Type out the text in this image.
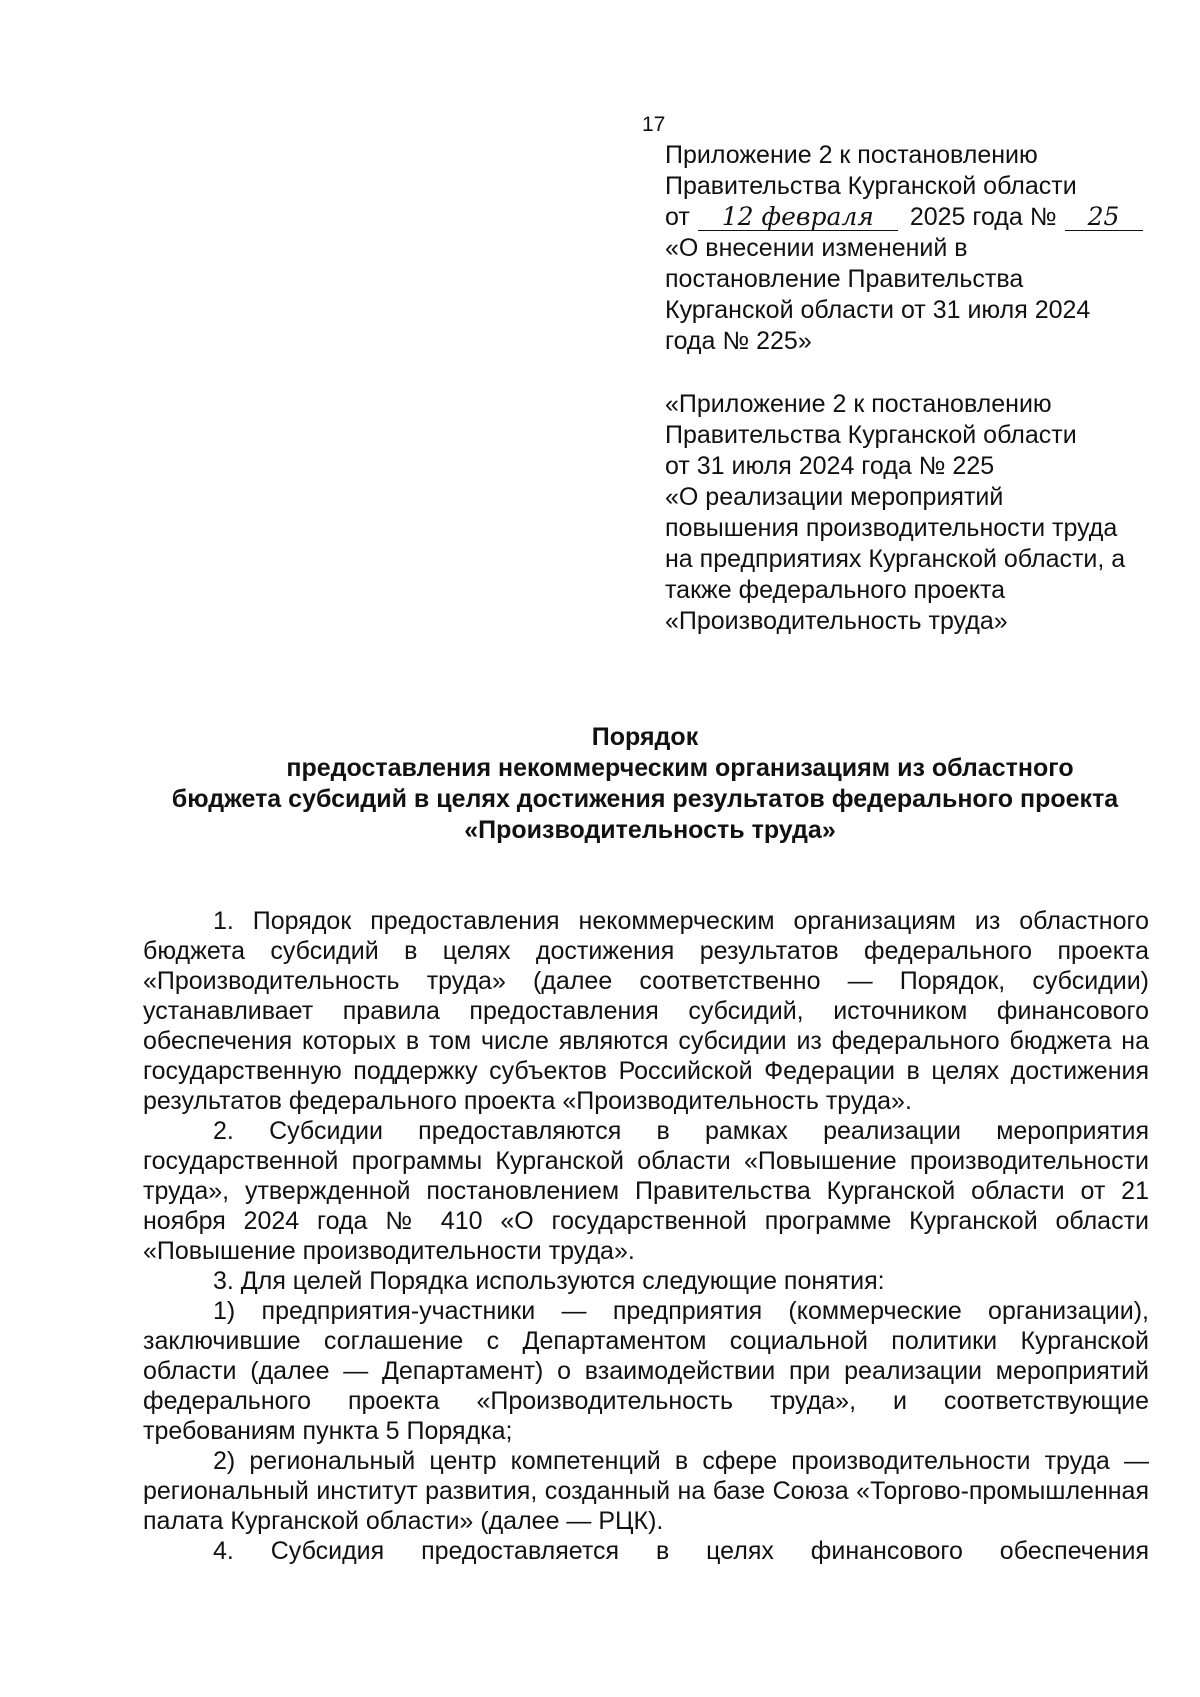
17
Приложение 2 к постановлению
Правительства Курганской области
от 12 февраля 2025 года № 25
«О внесении изменений в
постановление Правительства
Курганской области от 31 июля 2024
года № 225»
«Приложение 2 к постановлению
Правительства Курганской области
от 31 июля 2024 года № 225
«О реализации мероприятий
повышения производительности труда
на предприятиях Курганской области, а
также федерального проекта
«Производительность труда»
Порядок
предоставления некоммерческим организациям из областного
бюджета субсидий в целях достижения результатов федерального проекта
«Производительность труда»

1. Порядок предоставления некоммерческим организациям из областного бюджета субсидий в целях достижения результатов федерального проекта «Производительность труда» (далее соответственно — Порядок, субсидии) устанавливает правила предоставления субсидий, источником финансового обеспечения которых в том числе являются субсидии из федерального бюджета на государственную поддержку субъектов Российской Федерации в целях достижения результатов федерального проекта «Производительность труда».

2. Субсидии предоставляются в рамках реализации мероприятия государственной программы Курганской области «Повышение производительности труда», утвержденной постановлением Правительства Курганской области от 21 ноября 2024 года № 410 «О государственной программе Курганской области «Повышение производительности труда».

3. Для целей Порядка используются следующие понятия:

1) предприятия-участники — предприятия (коммерческие организации), заключившие соглашение с Департаментом социальной политики Курганской области (далее — Департамент) о взаимодействии при реализации мероприятий федерального проекта «Производительность труда», и соответствующие требованиям пункта 5 Порядка;

2) региональный центр компетенций в сфере производительности труда — региональный институт развития, созданный на базе Союза «Торгово-промышленная палата Курганской области» (далее — РЦК).

4. Субсидия предоставляется в целях финансового обеспечения
